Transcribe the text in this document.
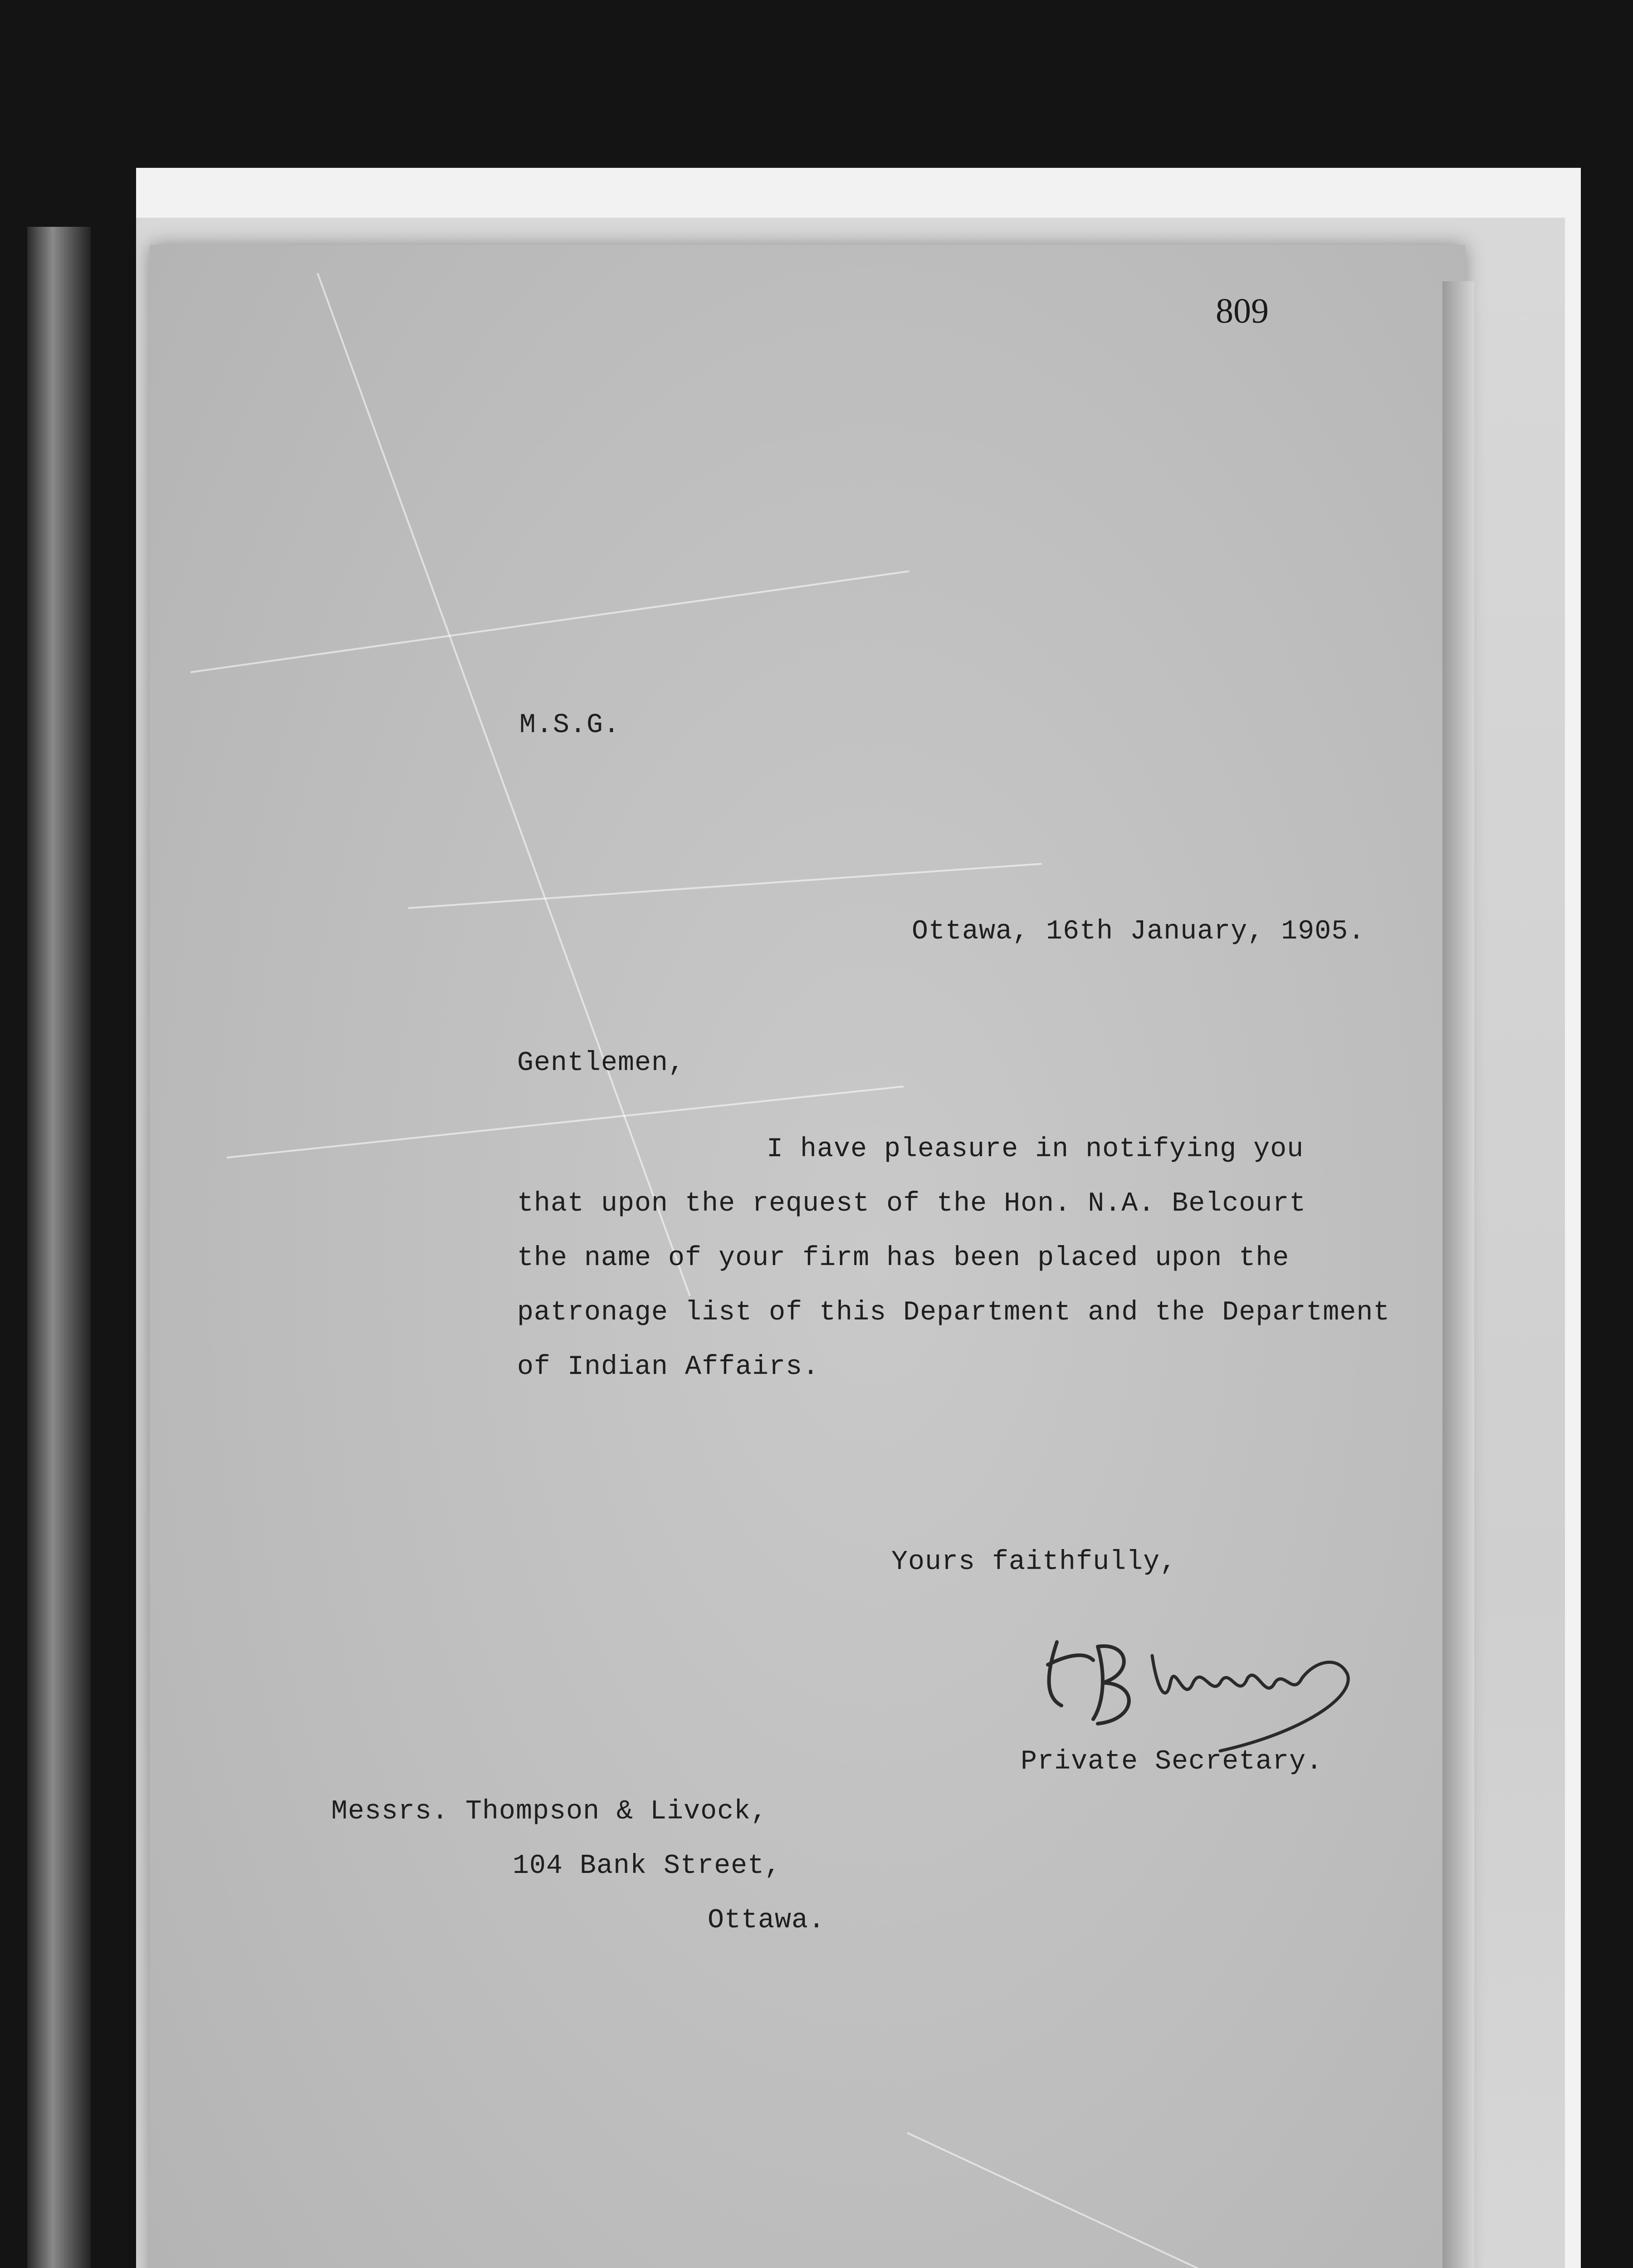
809
M.S.G.
Ottawa, 16th January, 1905.
Gentlemen,
I have pleasure in notifying you
that upon the request of the Hon. N.A. Belcourt
the name of your firm has been placed upon the
patronage list of this Department and the Department
of Indian Affairs.
Yours faithfully,
Private Secretary.
Messrs. Thompson & Livock,
104 Bank Street,
Ottawa.
